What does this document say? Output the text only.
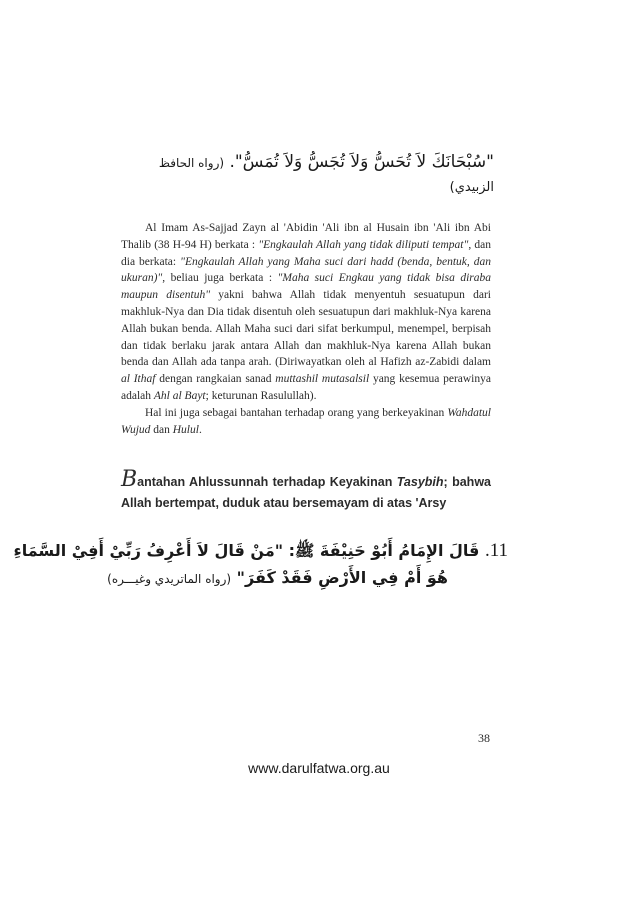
"سُبْحَانَكَ لاَ تُحَسُّ وَلاَ تُجَسُّ وَلاَ تُمَسُّ". (رواه الحافظ
الزبيدي)

Al Imam As-Sajjad Zayn al 'Abidin 'Ali ibn al Husain ibn 'Ali ibn Abi Thalib (38 H-94 H) berkata : "Engkaulah Allah yang tidak diliputi tempat", dan dia berkata: "Engkaulah Allah yang Maha suci dari hadd (benda, bentuk, dan ukuran)", beliau juga berkata : "Maha suci Engkau yang tidak bisa diraba maupun disentuh" yakni bahwa Allah tidak menyentuh sesuatupun dari makhluk-Nya dan Dia tidak disentuh oleh sesuatupun dari makhluk-Nya karena Allah bukan benda. Allah Maha suci dari sifat berkumpul, menempel, berpisah dan tidak berlaku jarak antara Allah dan makhluk-Nya karena Allah bukan benda dan Allah ada tanpa arah. (Diriwayatkan oleh al Hafizh az-Zabidi dalam al Ithaf dengan rangkaian sanad muttashil mutasalsil yang kesemua perawinya adalah Ahl al Bayt; keturunan Rasulullah).

Hal ini juga sebagai bantahan terhadap orang yang berkeyakinan Wahdatul Wujud dan Hulul.

Bantahan Ahlussunnah terhadap Keyakinan Tasybih; bahwa Allah bertempat, duduk atau bersemayam di atas 'Arsy
11. قَالَ الإِمَامُ أَبُوْ حَنِيْفَةَ ﷺ: "مَنْ قَالَ لاَ أَعْرِفُ رَبِّيْ أَفِيْ السَّمَاءِ
هُوَ أَمْ فِي الأَرْضِ فَقَدْ كَفَرَ" (رواه الماتريدي وغيـــره)
38
www.darulfatwa.org.au
